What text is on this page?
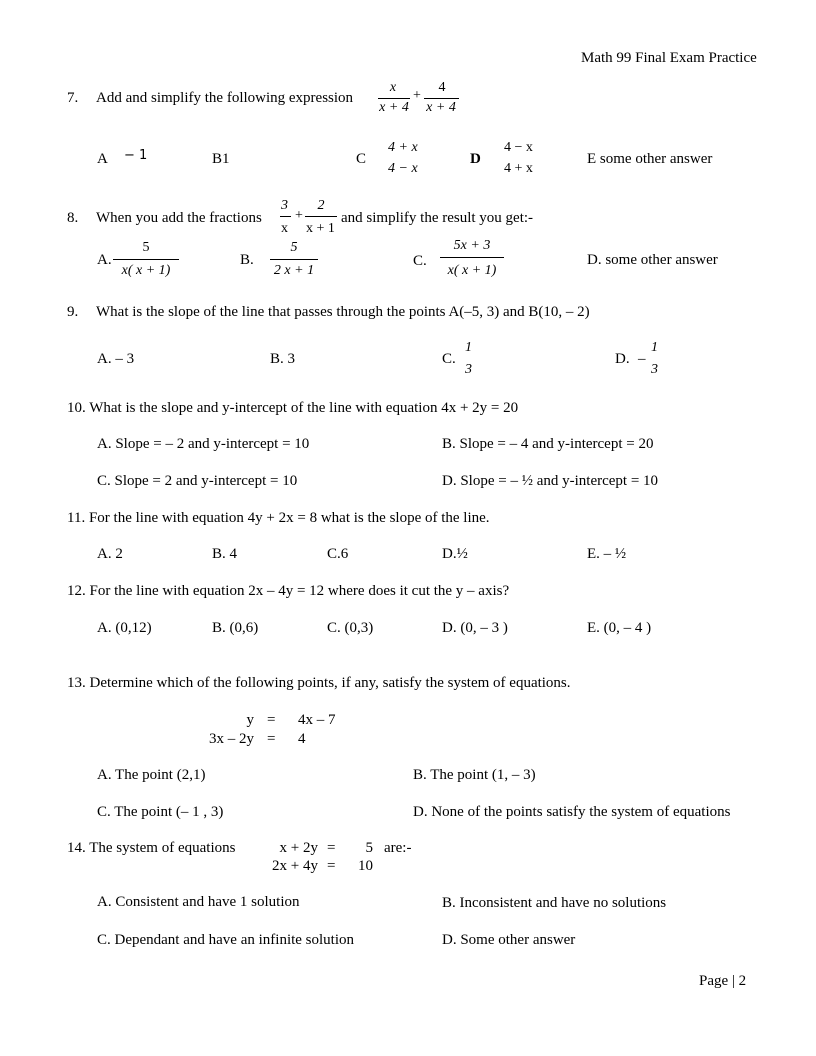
Math 99 Final Exam Practice
7. Add and simplify the following expression
x
x + 4
+
4
x + 4
A − 1	B1	C
4 + x
4 − x
D
4 − x
4 + x
E some other answer
8. When you add the fractions
3
x
+
2
x + 1
and simplify the result you get:-
A.
5
x( x + 1)
B.
5
2 x + 1
C.
5x + 3
x( x + 1)
D. some other answer
9. What is the slope of the line that passes through the points A(–5, 3) and B(10, – 2)
A. – 3	B. 3	C.
1
3
D. –
1
3
10. What is the slope and y-intercept of the line with equation 4x + 2y = 20
A. Slope = – 2 and y-intercept = 10	B. Slope = – 4 and y-intercept = 20
C. Slope = 2 and y-intercept = 10	D. Slope = – ½ and y-intercept = 10
11. For the line with equation 4y + 2x = 8 what is the slope of the line.
A. 2	B. 4	C.6	D.½	E. – ½
12. For the line with equation 2x – 4y = 12 where does it cut the y – axis?
A. (0,12)	B. (0,6)	C. (0,3)	D. (0, – 3 )	E. (0, – 4 )
13. Determine which of the following points, if any, satisfy the system of equations.
y = 4x – 7
3x – 2y = 4
A. The point (2,1)	B. The point (1, – 3)
C. The point (– 1 , 3)	D. None of the points satisfy the system of equations
14. The system of equations	x + 2y =	5 are:-
2x + 4y =	10
A. Consistent and have 1 solution	B. Inconsistent and have no solutions
C. Dependant and have an infinite solution	D. Some other answer
Page | 2
